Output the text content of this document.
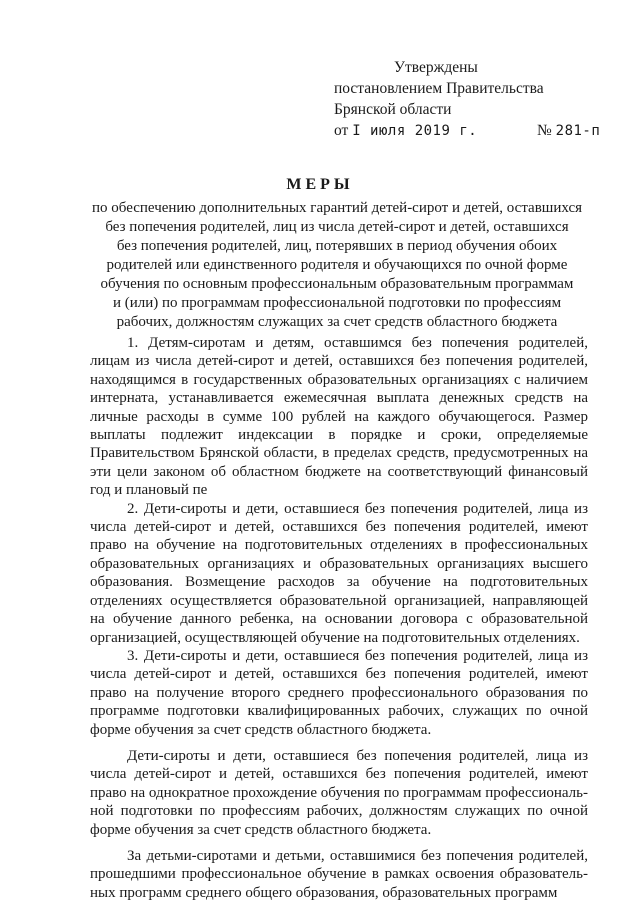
Утверждены
постановлением Правительства
Брянской области
от I июля 2019 г.	№ 281-п
МЕРЫ
по обеспечению дополнительных гарантий детей-сирот и детей, оставшихся
без попечения родителей, лиц из числа детей-сирот и детей, оставшихся
без попечения родителей, лиц, потерявших в период обучения обоих
родителей или единственного родителя и обучающихся по очной форме
обучения по основным профессиональным образовательным программам
и (или) по программам профессиональной подготовки по профессиям
рабочих, должностям служащих за счет средств областного бюджета

1. Детям-сиротам и детям, оставшимся без попечения родителей, лицам из числа детей-сирот и детей, оставшихся без попечения родителей, находящимся в государственных образовательных организациях с наличием интерната, устанавливается ежемесячная выплата денежных средств на личные расходы в сумме 100 рублей на каждого обучающегося. Размер выплаты подлежит индексации в порядке и сроки, определяемые Правительством Брянской области, в пределах средств, предусмотренных на эти цели законом об областном бюджете на соответствующий финансовый год и плановый пе

2. Дети-сироты и дети, оставшиеся без попечения родителей, лица из числа детей-сирот и детей, оставшихся без попечения родителей, имеют право на обучение на подготовительных отделениях в профессиональных образовательных организациях и образовательных организациях высшего образования. Возмещение расходов за обучение на подготовительных отделениях осуществляется образовательной организацией, направляющей на обучение данного ребенка, на основании договора с образовательной организацией, осуществляющей обучение на подготовительных отделениях.

3. Дети-сироты и дети, оставшиеся без попечения родителей, лица из числа детей-сирот и детей, оставшихся без попечения родителей, имеют право на получение второго среднего профессионального образования по программе подготовки квалифицированных рабочих, служащих по очной форме обучения за счет средств областного бюджета.

Дети-сироты и дети, оставшиеся без попечения родителей, лица из числа детей-сирот и детей, оставшихся без попечения родителей, имеют право на однократное прохождение обучения по программам профессиональ-ной подготовки по профессиям рабочих, должностям служащих по очной форме обучения за счет средств областного бюджета.

За детьми-сиротами и детьми, оставшимися без попечения родителей, прошедшими профессиональное обучение в рамках освоения образователь-ных программ среднего общего образования, образовательных программ
